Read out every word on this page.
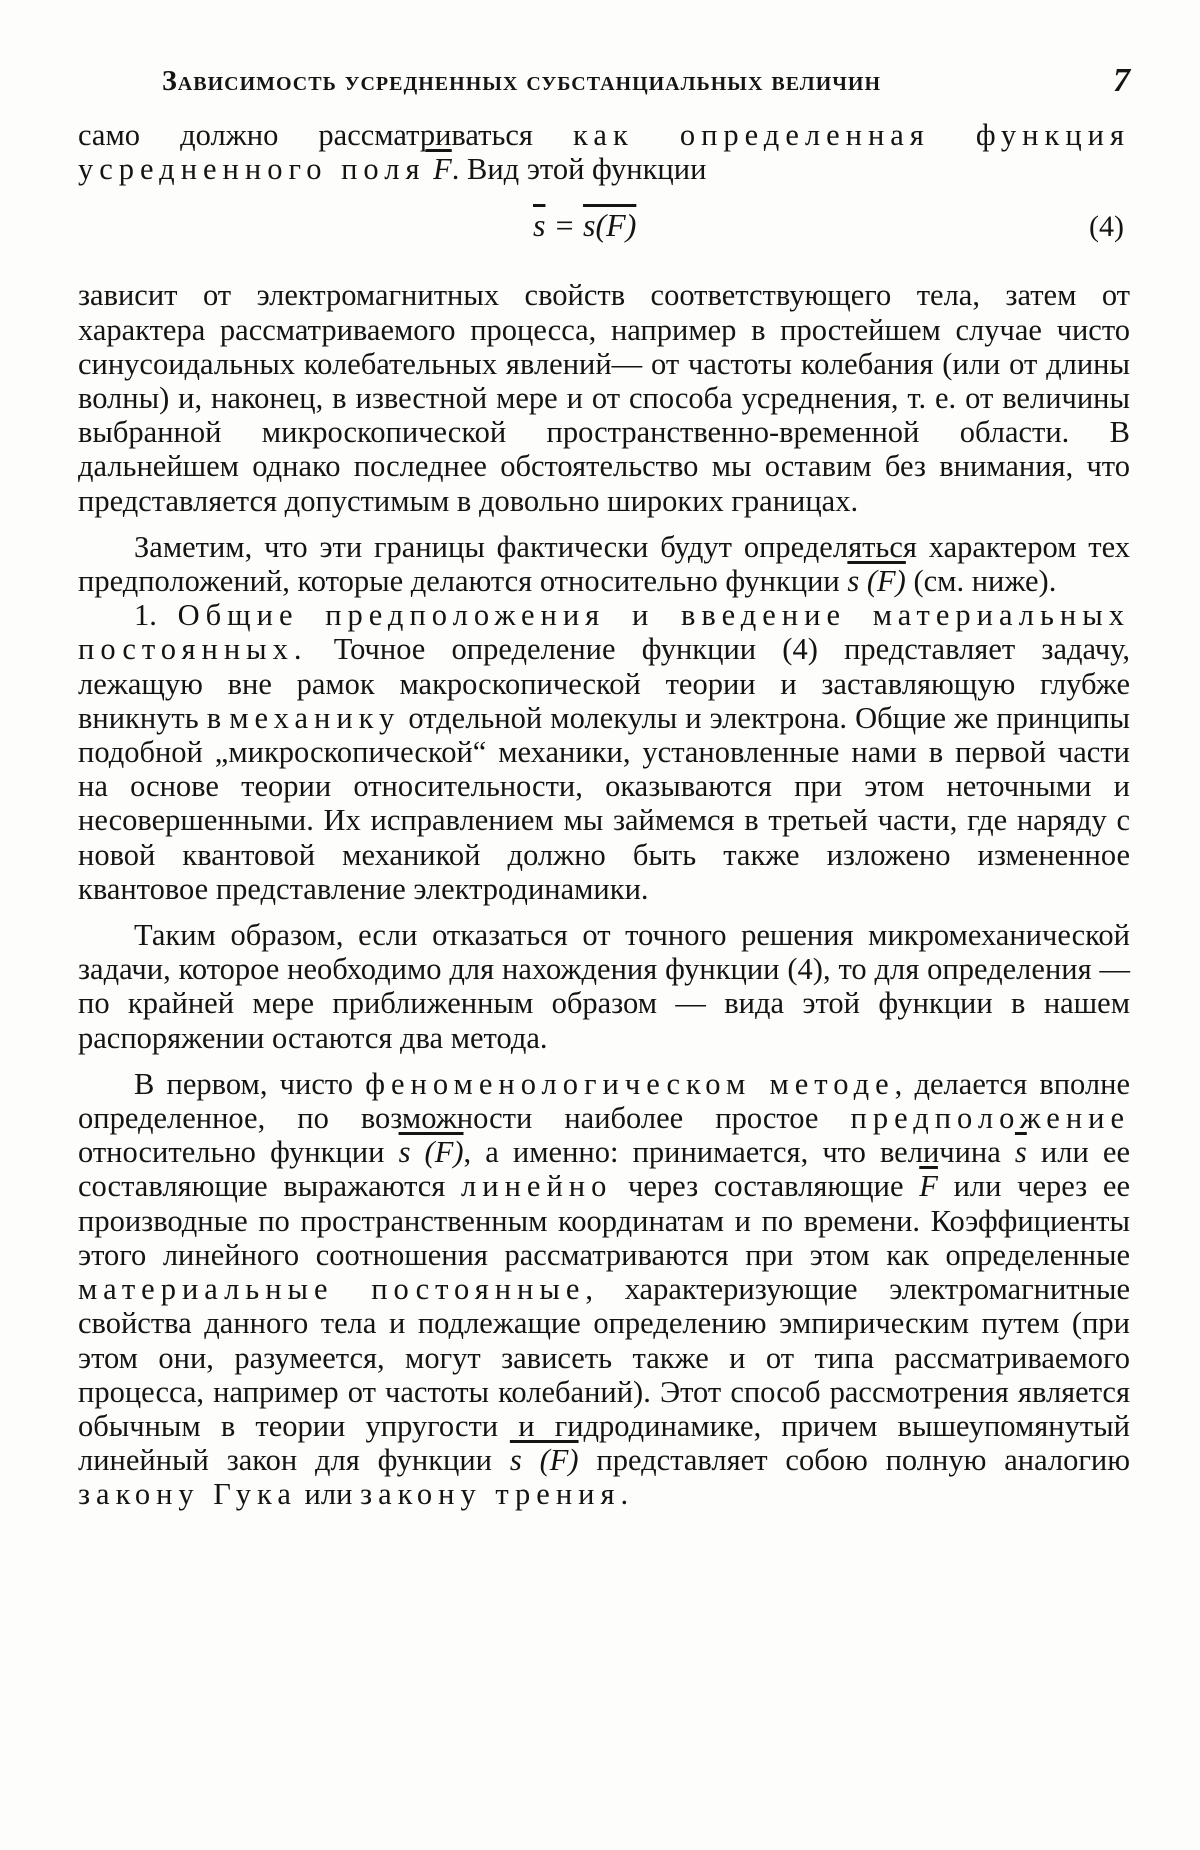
Зависимость усредненных субстанциальных величин	7

само должно рассматриваться как определенная функция усредненного поля F. Вид этой функции

$\overline{s} = \overline{s}(F)$	(4)

зависит от электромагнитных свойств соответствующего тела, затем от характера рассматриваемого процесса, например в простейшем случае чисто синусоидальных колебательных явлений— от частоты колебания (или от длины волны) и, наконец, в известной мере и от способа усреднения, т. е. от величины выбранной микроскопической пространственно-временной области. В дальнейшем однако последнее обстоятельство мы оставим без внимания, что представляется допустимым в довольно широких границах.

Заметим, что эти границы фактически будут определяться характером тех предположений, которые делаются относительно функции s (F) (см. ниже).

1. Общие предположения и введение материальных постоянных. Точное определение функции (4) представляет задачу, лежащую вне рамок макроскопической теории и заставляющую глубже вникнуть в механику отдельной молекулы и электрона. Общие же принципы подобной „микроскопической“ механики, установленные нами в первой части на основе теории относительности, оказываются при этом неточными и несовершенными. Их исправлением мы займемся в третьей части, где наряду с новой квантовой механикой должно быть также изложено измененное квантовое представление электродинамики.

Таким образом, если отказаться от точного решения микромеханической задачи, которое необходимо для нахождения функции (4), то для определения — по крайней мере приближенным образом — вида этой функции в нашем распоряжении остаются два метода.

В первом, чисто феноменологическом методе, делается вполне определенное, по возможности наиболее простое предположение относительно функции s (F), а именно: принимается, что величина $\overline{s}$ или ее составляющие выражаются линейно через составляющие $\overline{F}$ или через ее производные по пространственным координатам и по времени. Коэффициенты этого линейного соотношения рассматриваются при этом как определенные материальные постоянные, характеризующие электромагнитные свойства данного тела и подлежащие определению эмпирическим путем (при этом они, разумеется, могут зависеть также и от типа рассматриваемого процесса, например от частоты колебаний). Этот способ рассмотрения является обычным в теории упругости и гидродинамике, причем вышеупомянутый линейный закон для функции s (F) представляет собою полную аналогию закону Гука или закону трения.
